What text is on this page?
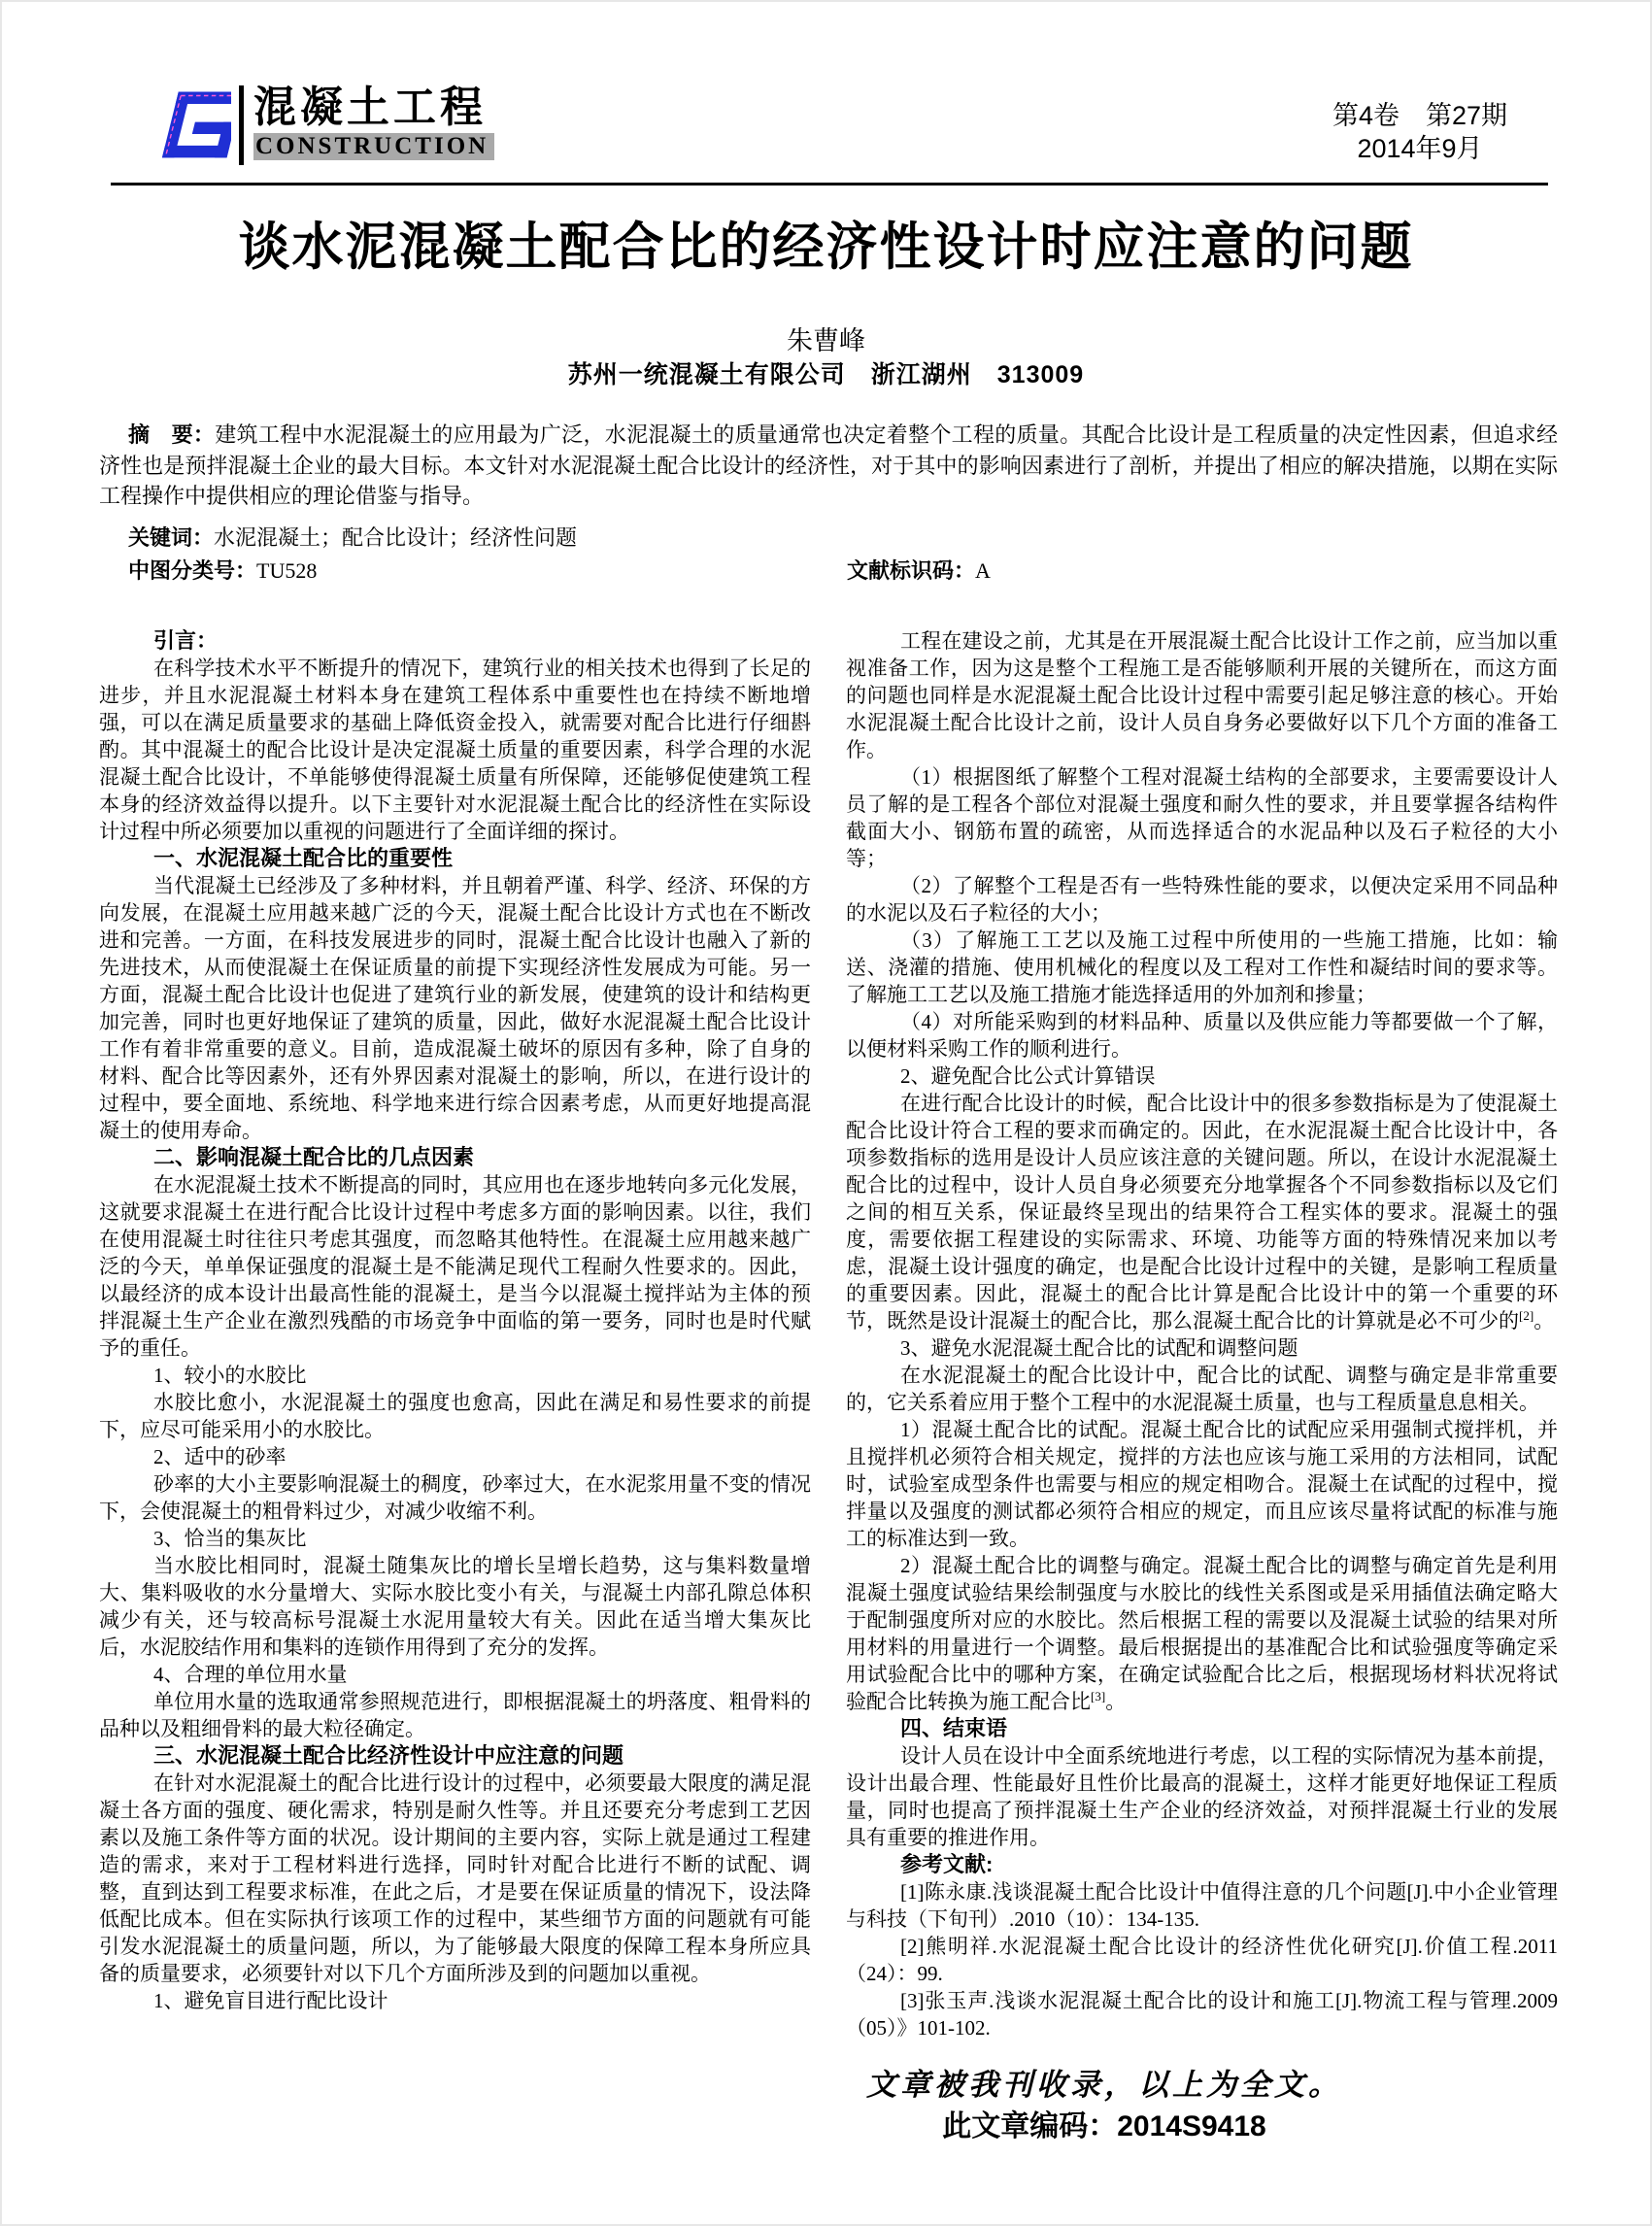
混凝土工程
CONSTRUCTION
第4卷　第27期
2014年9月
谈水泥混凝土配合比的经济性设计时应注意的问题
朱曹峰
苏州一统混凝土有限公司　浙江湖州　313009

摘　要：建筑工程中水泥混凝土的应用最为广泛，水泥混凝土的质量通常也决定着整个工程的质量。其配合比设计是工程质量的决定性因素，但追求经济性也是预拌混凝土企业的最大目标。本文针对水泥混凝土配合比设计的经济性，对于其中的影响因素进行了剖析，并提出了相应的解决措施，以期在实际工程操作中提供相应的理论借鉴与指导。

关键词：水泥混凝土；配合比设计；经济性问题

中图分类号：TU528	文献标识码：A

引言：

在科学技术水平不断提升的情况下，建筑行业的相关技术也得到了长足的进步，并且水泥混凝土材料本身在建筑工程体系中重要性也在持续不断地增强，可以在满足质量要求的基础上降低资金投入，就需要对配合比进行仔细斟酌。其中混凝土的配合比设计是决定混凝土质量的重要因素，科学合理的水泥混凝土配合比设计，不单能够使得混凝土质量有所保障，还能够促使建筑工程本身的经济效益得以提升。以下主要针对水泥混凝土配合比的经济性在实际设计过程中所必须要加以重视的问题进行了全面详细的探讨。

一、水泥混凝土配合比的重要性

当代混凝土已经涉及了多种材料，并且朝着严谨、科学、经济、环保的方向发展，在混凝土应用越来越广泛的今天，混凝土配合比设计方式也在不断改进和完善。一方面，在科技发展进步的同时，混凝土配合比设计也融入了新的先进技术，从而使混凝土在保证质量的前提下实现经济性发展成为可能。另一方面，混凝土配合比设计也促进了建筑行业的新发展，使建筑的设计和结构更加完善，同时也更好地保证了建筑的质量，因此，做好水泥混凝土配合比设计工作有着非常重要的意义。目前，造成混凝土破坏的原因有多种，除了自身的材料、配合比等因素外，还有外界因素对混凝土的影响，所以，在进行设计的过程中，要全面地、系统地、科学地来进行综合因素考虑，从而更好地提高混凝土的使用寿命。

二、影响混凝土配合比的几点因素

在水泥混凝土技术不断提高的同时，其应用也在逐步地转向多元化发展，这就要求混凝土在进行配合比设计过程中考虑多方面的影响因素。以往，我们在使用混凝土时往往只考虑其强度，而忽略其他特性。在混凝土应用越来越广泛的今天，单单保证强度的混凝土是不能满足现代工程耐久性要求的。因此，以最经济的成本设计出最高性能的混凝土，是当今以混凝土搅拌站为主体的预拌混凝土生产企业在激烈残酷的市场竞争中面临的第一要务，同时也是时代赋予的重任。

1、较小的水胶比

水胶比愈小，水泥混凝土的强度也愈高，因此在满足和易性要求的前提下，应尽可能采用小的水胶比。

2、适中的砂率

砂率的大小主要影响混凝土的稠度，砂率过大，在水泥浆用量不变的情况下，会使混凝土的粗骨料过少，对减少收缩不利。

3、恰当的集灰比

当水胶比相同时，混凝土随集灰比的增长呈增长趋势，这与集料数量增大、集料吸收的水分量增大、实际水胶比变小有关，与混凝土内部孔隙总体积减少有关，还与较高标号混凝土水泥用量较大有关。因此在适当增大集灰比后，水泥胶结作用和集料的连锁作用得到了充分的发挥。

4、合理的单位用水量

单位用水量的选取通常参照规范进行，即根据混凝土的坍落度、粗骨料的品种以及粗细骨料的最大粒径确定。

三、水泥混凝土配合比经济性设计中应注意的问题

在针对水泥混凝土的配合比进行设计的过程中，必须要最大限度的满足混凝土各方面的强度、硬化需求，特别是耐久性等。并且还要充分考虑到工艺因素以及施工条件等方面的状况。设计期间的主要内容，实际上就是通过工程建造的需求，来对于工程材料进行选择，同时针对配合比进行不断的试配、调整，直到达到工程要求标准，在此之后，才是要在保证质量的情况下，设法降低配比成本。但在实际执行该项工作的过程中，某些细节方面的问题就有可能引发水泥混凝土的质量问题，所以，为了能够最大限度的保障工程本身所应具备的质量要求，必须要针对以下几个方面所涉及到的问题加以重视。

1、避免盲目进行配比设计

工程在建设之前，尤其是在开展混凝土配合比设计工作之前，应当加以重视准备工作，因为这是整个工程施工是否能够顺利开展的关键所在，而这方面的问题也同样是水泥混凝土配合比设计过程中需要引起足够注意的核心。开始水泥混凝土配合比设计之前，设计人员自身务必要做好以下几个方面的准备工作。

（1）根据图纸了解整个工程对混凝土结构的全部要求，主要需要设计人员了解的是工程各个部位对混凝土强度和耐久性的要求，并且要掌握各结构件截面大小、钢筋布置的疏密，从而选择适合的水泥品种以及石子粒径的大小等；

（2）了解整个工程是否有一些特殊性能的要求，以便决定采用不同品种的水泥以及石子粒径的大小；

（3）了解施工工艺以及施工过程中所使用的一些施工措施，比如：输送、浇灌的措施、使用机械化的程度以及工程对工作性和凝结时间的要求等。了解施工工艺以及施工措施才能选择适用的外加剂和掺量；

（4）对所能采购到的材料品种、质量以及供应能力等都要做一个了解，以便材料采购工作的顺利进行。

2、避免配合比公式计算错误

在进行配合比设计的时候，配合比设计中的很多参数指标是为了使混凝土配合比设计符合工程的要求而确定的。因此，在水泥混凝土配合比设计中，各项参数指标的选用是设计人员应该注意的关键问题。所以，在设计水泥混凝土配合比的过程中，设计人员自身必须要充分地掌握各个不同参数指标以及它们之间的相互关系，保证最终呈现出的结果符合工程实体的要求。混凝土的强度，需要依据工程建设的实际需求、环境、功能等方面的特殊情况来加以考虑，混凝土设计强度的确定，也是配合比设计过程中的关键，是影响工程质量的重要因素。因此，混凝土的配合比计算是配合比设计中的第一个重要的环节，既然是设计混凝土的配合比，那么混凝土配合比的计算就是必不可少的[2]。

3、避免水泥混凝土配合比的试配和调整问题

在水泥混凝土的配合比设计中，配合比的试配、调整与确定是非常重要的，它关系着应用于整个工程中的水泥混凝土质量，也与工程质量息息相关。

1）混凝土配合比的试配。混凝土配合比的试配应采用强制式搅拌机，并且搅拌机必须符合相关规定，搅拌的方法也应该与施工采用的方法相同，试配时，试验室成型条件也需要与相应的规定相吻合。混凝土在试配的过程中，搅拌量以及强度的测试都必须符合相应的规定，而且应该尽量将试配的标准与施工的标准达到一致。

2）混凝土配合比的调整与确定。混凝土配合比的调整与确定首先是利用混凝土强度试验结果绘制强度与水胶比的线性关系图或是采用插值法确定略大于配制强度所对应的水胶比。然后根据工程的需要以及混凝土试验的结果对所用材料的用量进行一个调整。最后根据提出的基准配合比和试验强度等确定采用试验配合比中的哪种方案，在确定试验配合比之后，根据现场材料状况将试验配合比转换为施工配合比[3]。

四、结束语

设计人员在设计中全面系统地进行考虑，以工程的实际情况为基本前提，设计出最合理、性能最好且性价比最高的混凝土，这样才能更好地保证工程质量，同时也提高了预拌混凝土生产企业的经济效益，对预拌混凝土行业的发展具有重要的推进作用。

参考文献:

[1]陈永康.浅谈混凝土配合比设计中值得注意的几个问题[J].中小企业管理与科技（下旬刊）.2010（10）：134-135.

[2]熊明祥.水泥混凝土配合比设计的经济性优化研究[J].价值工程.2011（24）：99.

[3]张玉声.浅谈水泥混凝土配合比的设计和施工[J].物流工程与管理.2009（05）》101-102.

文章被我刊收录，以上为全文。

此文章编码：2014S9418
